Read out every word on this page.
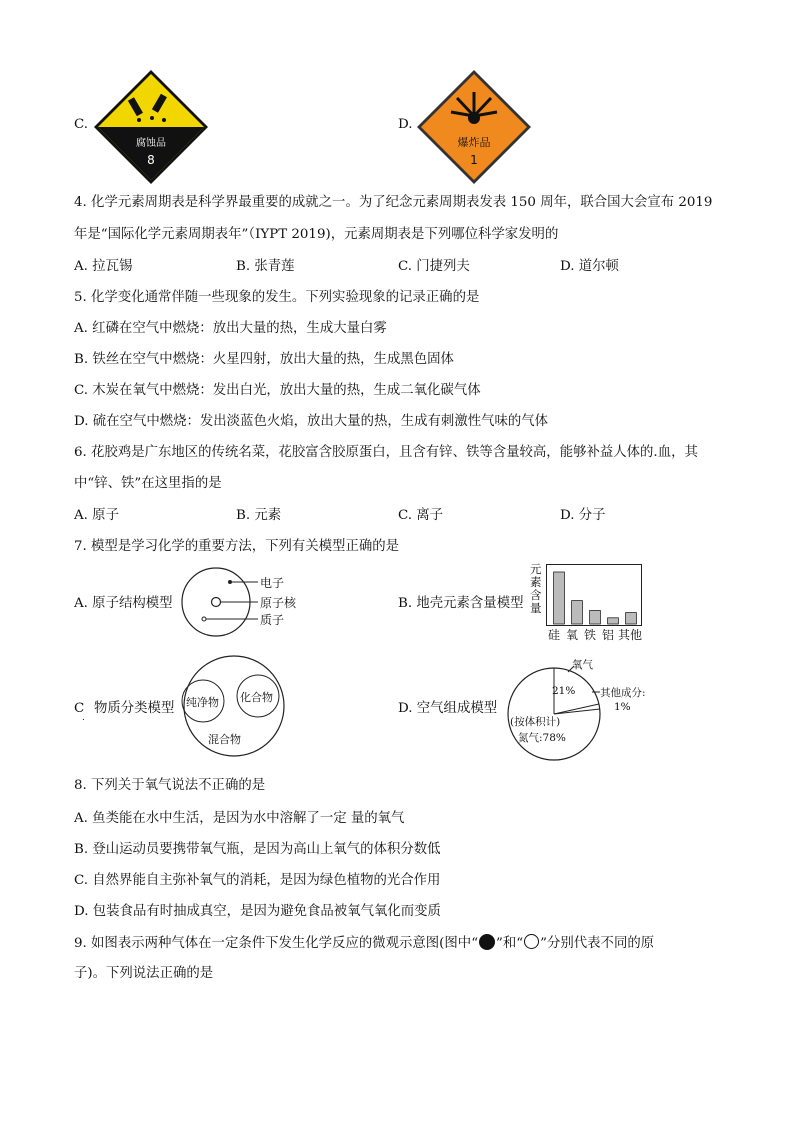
C.
腐蚀品
8
D.
爆炸品
1
4. 化学元素周期表是科学界最重要的成就之一。为了纪念元素周期表发表 150 周年，联合国大会宣布 2019
年是“国际化学元素周期表年”（IYPT 2019)，元素周期表是下列哪位科学家发明的
A. 拉瓦锡	B. 张青莲	C. 门捷列夫	D. 道尔顿
5. 化学变化通常伴随一些现象的发生。下列实验现象的记录正确的是
A. 红磷在空气中燃烧：放出大量的热，生成大量白雾
B. 铁丝在空气中燃烧：火星四射，放出大量的热，生成黑色固体
C. 木炭在氧气中燃烧：发出白光，放出大量的热，生成二氧化碳气体
D. 硫在空气中燃烧：发出淡蓝色火焰，放出大量的热，生成有刺激性气味的气体
6. 花胶鸡是广东地区的传统名菜，花胶富含胶原蛋白，且含有锌、铁等含量较高，能够补益人体的.血，其
中“锌、铁”在这里指的是
A. 原子	B. 元素	C. 离子	D. 分子
7. 模型是学习化学的重要方法，下列有关模型正确的是
A. 原子结构模型
电子
原子核
质子
B. 地壳元素含量模型
元素含量
硅 氧 铁 铝 其他
C
.
物质分类模型 纯净物 化合物
混合物
D. 空气组成模型
氧气
21% 其他成分:
1%
(按体积计)
氮气:78%
8. 下列关于氧气说法不正确的是
A. 鱼类能在水中生活，是因为水中溶解了一定 量的氧气
B. 登山运动员要携带氧气瓶，是因为高山上氧气的体积分数低
C. 自然界能自主弥补氧气的消耗，是因为绿色植物的光合作用
D. 包装食品有时抽成真空，是因为避免食品被氧气氧化而变质
9. 如图表示两种气体在一定条件下发生化学反应的微观示意图(图中“ ”和“ ”分别代表不同的原
子)。下列说法正确的是
